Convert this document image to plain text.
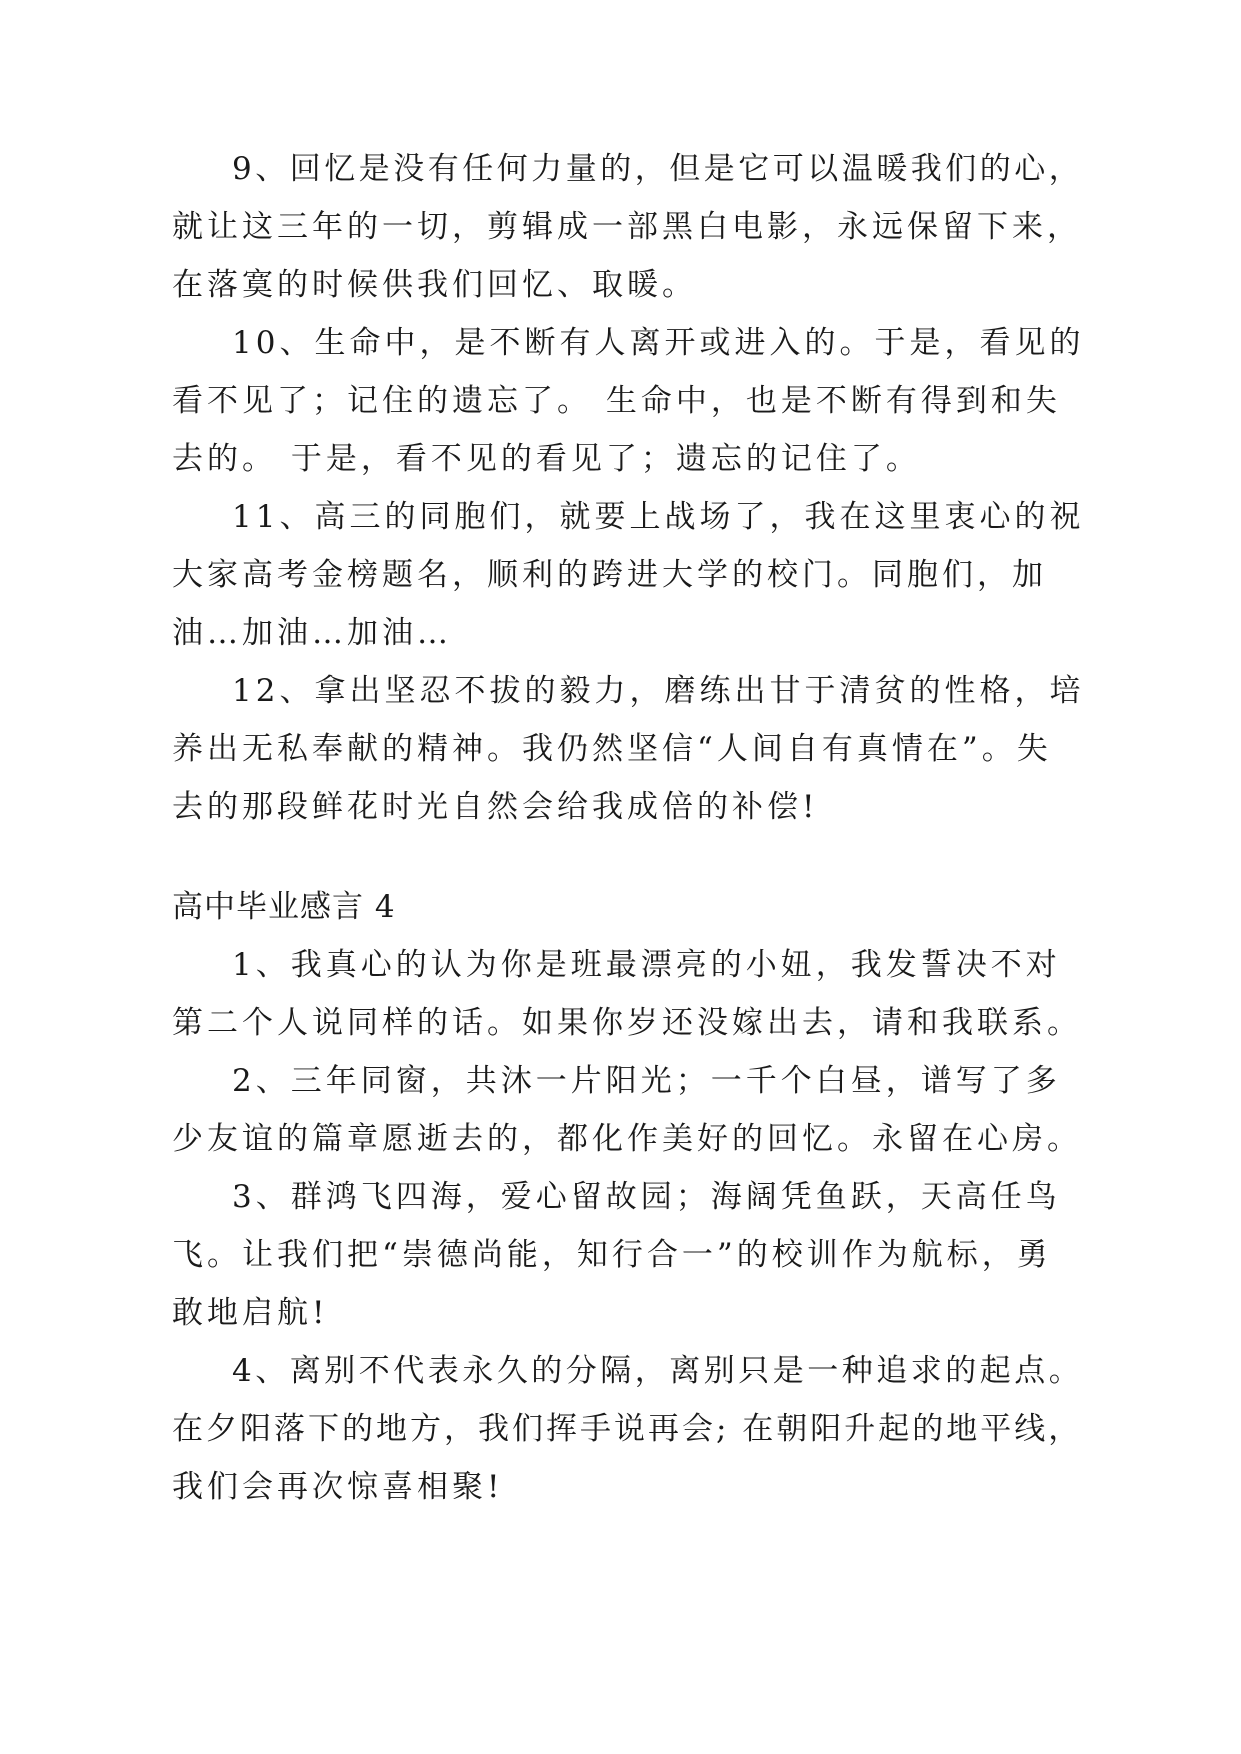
9、回忆是没有任何力量的，但是它可以温暖我们的心，
就让这三年的一切，剪辑成一部黑白电影，永远保留下来，
在落寞的时候供我们回忆、取暖。
10、生命中，是不断有人离开或进入的。于是，看见的
看不见了；记住的遗忘了。 生命中，也是不断有得到和失
去的。 于是，看不见的看见了；遗忘的记住了。
11、高三的同胞们，就要上战场了，我在这里衷心的祝
大家高考金榜题名，顺利的跨进大学的校门。同胞们，加
油…加油…加油…
12、拿出坚忍不拔的毅力，磨练出甘于清贫的性格，培
养出无私奉献的精神。我仍然坚信“人间自有真情在”。失
去的那段鲜花时光自然会给我成倍的补偿!
高中毕业感言 4
1、我真心的认为你是班最漂亮的小妞，我发誓决不对
第二个人说同样的话。如果你岁还没嫁出去，请和我联系。
2、三年同窗，共沐一片阳光；一千个白昼，谱写了多
少友谊的篇章愿逝去的，都化作美好的回忆。永留在心房。
3、群鸿飞四海，爱心留故园；海阔凭鱼跃，天高任鸟
飞。让我们把“崇德尚能，知行合一”的校训作为航标，勇
敢地启航!
4、离别不代表永久的分隔，离别只是一种追求的起点。
在夕阳落下的地方，我们挥手说再会; 在朝阳升起的地平线，
我们会再次惊喜相聚!
